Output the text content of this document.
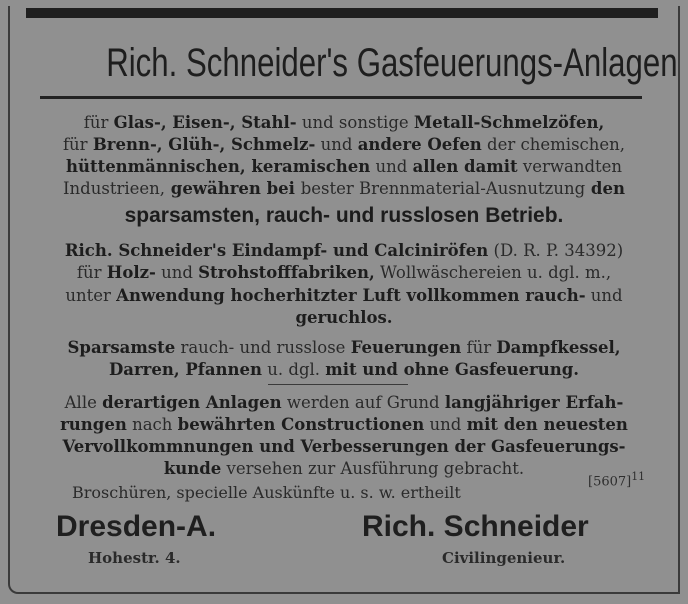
Rich. Schneider's Gasfeuerungs-Anlagen
für Glas-, Eisen-, Stahl- und sonstige Metall-Schmelzöfen,
für Brenn-, Glüh-, Schmelz- und andere Oefen der chemischen,
hüttenmännischen, keramischen und allen damit verwandten
Industrieen, gewähren bei bester Brennmaterial-Ausnutzung den
sparsamsten, rauch- und russlosen Betrieb.
Rich. Schneider's Eindampf- und Calciniröfen (D. R. P. 34392)
für Holz- und Strohstofffabriken, Wollwäschereien u. dgl. m.,
unter Anwendung hocherhitzter Luft vollkommen rauch- und
geruchlos.
Sparsamste rauch- und russlose Feuerungen für Dampfkessel,
Darren, Pfannen u. dgl. mit und ohne Gasfeuerung.
Alle derartigen Anlagen werden auf Grund langjähriger Erfah-
rungen nach bewährten Constructionen und mit den neuesten
Vervollkommnungen und Verbesserungen der Gasfeuerungs-
kunde versehen zur Ausführung gebracht.
$[5607]^{11}$
Broschüren, specielle Auskünfte u. s. w. ertheilt
Dresden-A.
Hohestr. 4.
Rich. Schneider
Civilingenieur.
